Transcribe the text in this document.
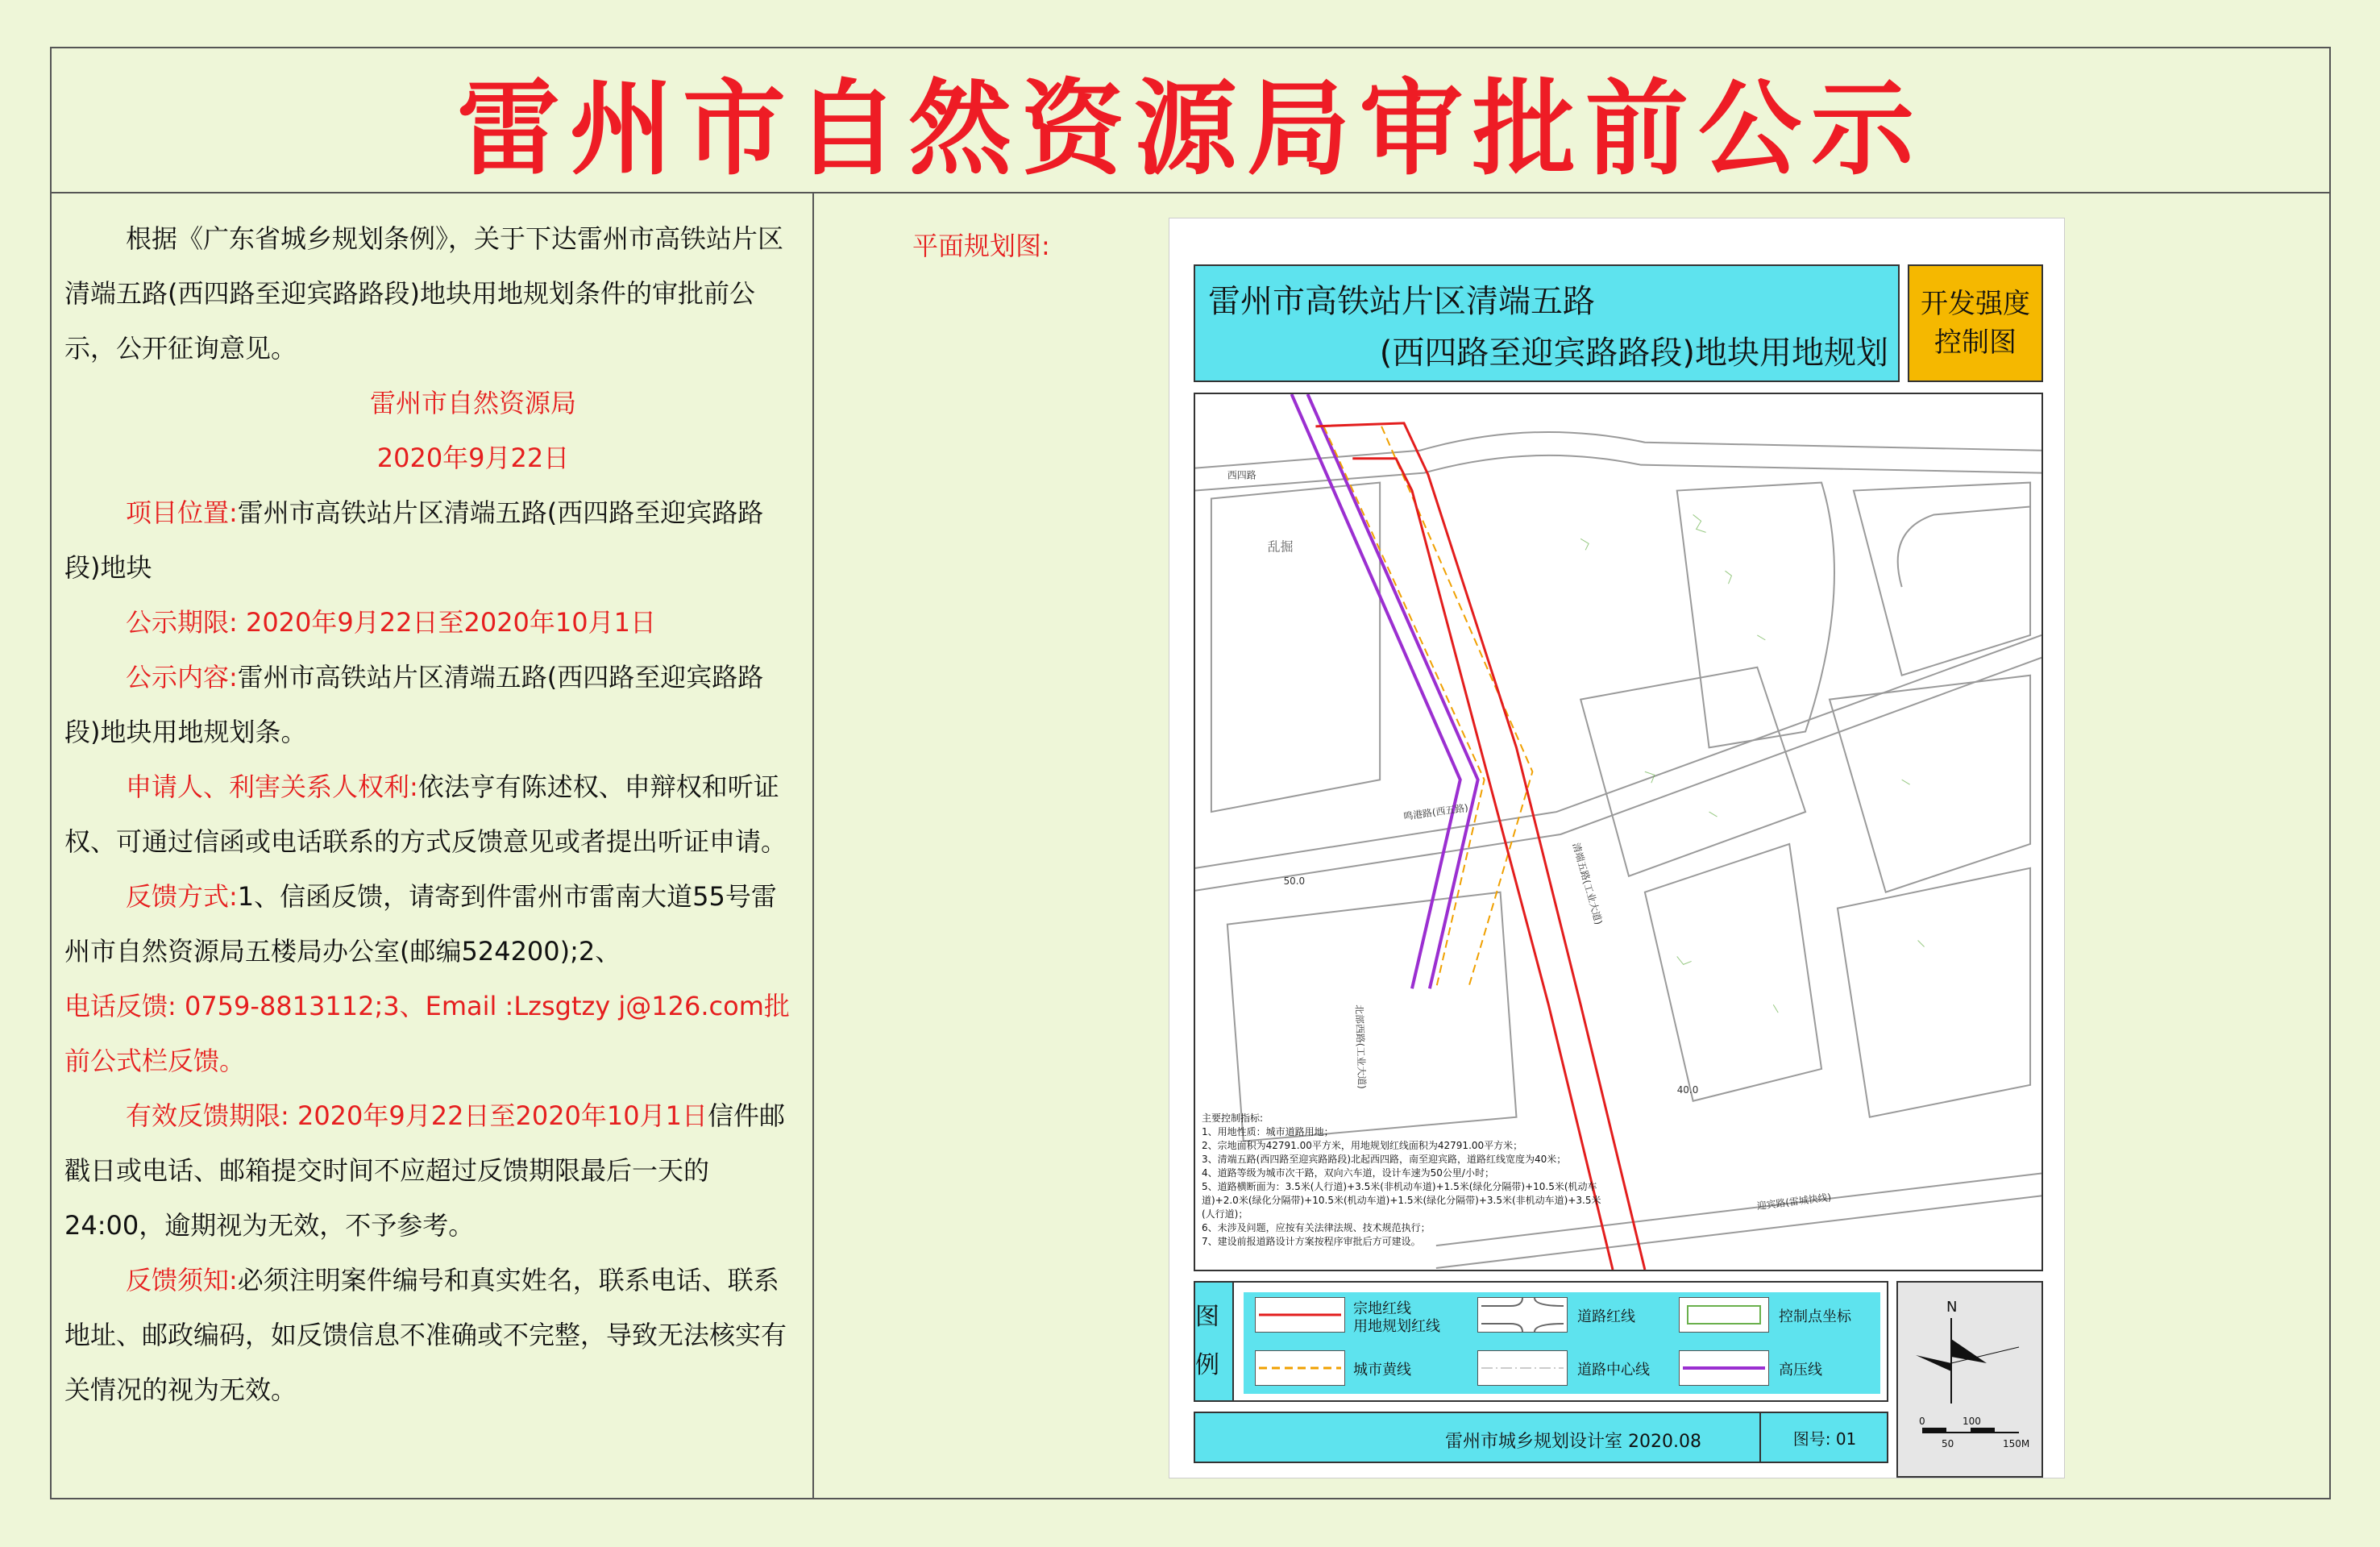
雷州市自然资源局审批前公示

根据《广东省城乡规划条例》，关于下达雷州市高铁站片区清端五路(西四路至迎宾路路段)地块用地规划条件的审批前公示，公开征询意见。

雷州市自然资源局

2020年9月22日

项目位置:雷州市高铁站片区清端五路(西四路至迎宾路路段)地块

公示期限: 2020年9月22日至2020年10月1日

公示内容:雷州市高铁站片区清端五路(西四路至迎宾路路段)地块用地规划条。

申请人、利害关系人权利:依法亨有陈述权、申辩权和听证权、可通过信函或电话联系的方式反馈意见或者提出听证申请。

反馈方式:1、信函反馈，请寄到件雷州市雷南大道55号雷州市自然资源局五楼局办公室(邮编524200);2、

电话反馈: 0759-8813112;3、Email :Lzsgtzy j@126.com批前公式栏反馈。

有效反馈期限: 2020年9月22日至2020年10月1日信件邮戳日或电话、邮箱提交时间不应超过反馈期限最后一天的24:00，逾期视为无效，不予参考。

反馈须知:必须注明案件编号和真实姓名，联系电话、联系地址、邮政编码，如反馈信息不准确或不完整，导致无法核实有关情况的视为无效。

平面规划图:
雷州市高铁站片区清端五路
(西四路至迎宾路路段)地块用地规划
开发强度控制图
西四路
鸣港路(西五路)
迎宾路(雷城快线)
清端五路(工业大道)
北部西路(工业大道)
乱掘
50.0
40.0
主要控制指标:
1、用地性质：城市道路用地；
2、宗地面积为42791.00平方米，用地规划红线面积为42791.00平方米；
3、清端五路(西四路至迎宾路路段)北起西四路，南至迎宾路，道路红线宽度为40米；
4、道路等级为城市次干路，双向六车道，设计车速为50公里/小时；
5、道路横断面为：3.5米(人行道)+3.5米(非机动车道)+1.5米(绿化分隔带)+10.5米(机动车
道)+2.0米(绿化分隔带)+10.5米(机动车道)+1.5米(绿化分隔带)+3.5米(非机动车道)+3.5米
(人行道)；
6、未涉及问题，应按有关法律法规、技术规范执行；
7、建设前报道路设计方案按程序审批后方可建设。
图例
宗地红线
用地规划红线
道路红线	控制点坐标
城市黄线	道路中心线	高压线
N
0	100
50	150M
雷州市城乡规划设计室 2020.08	图号: 01
